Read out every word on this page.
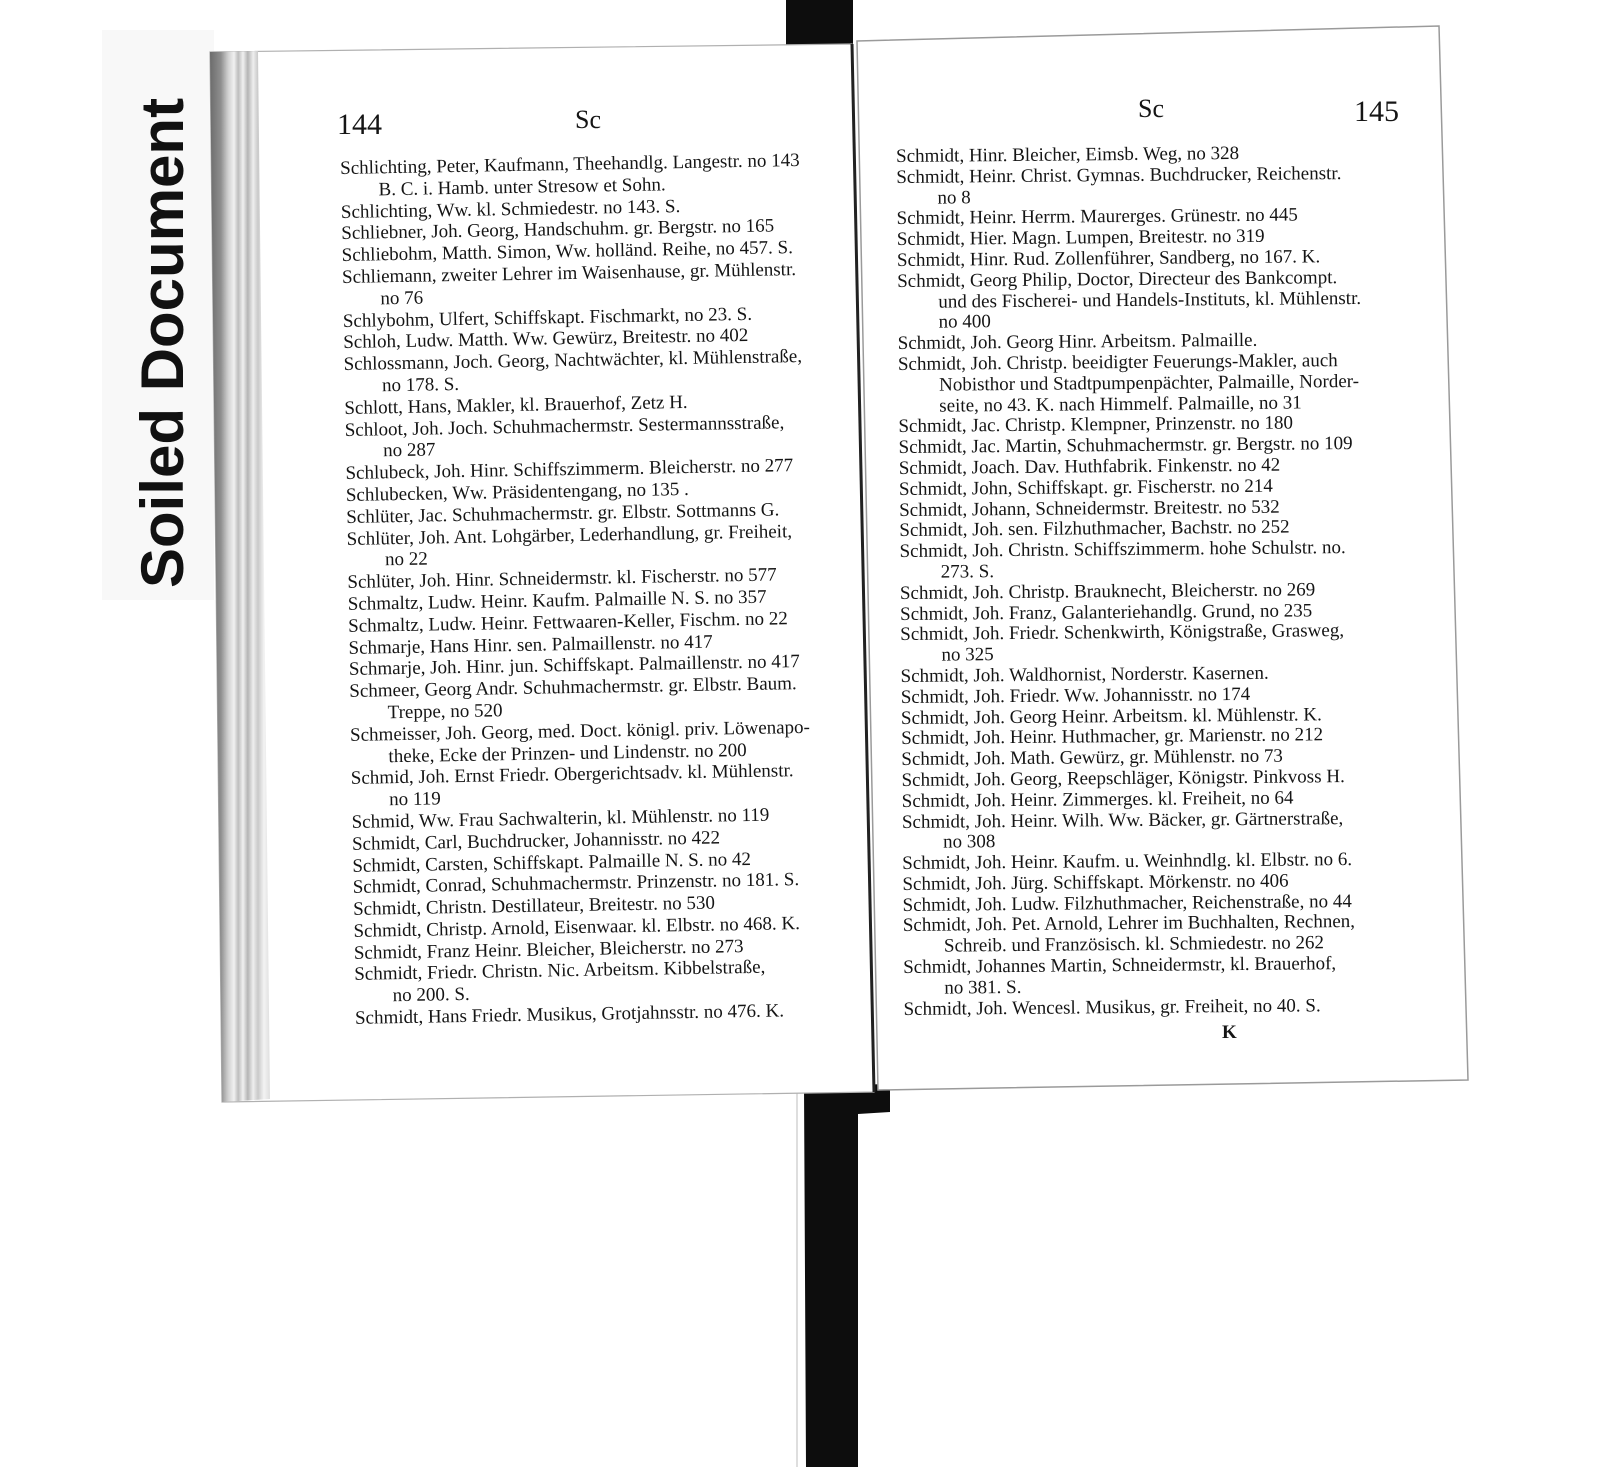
Soiled Document	144	Sc	Sc	145
Schlichting, Peter, Kaufmann, Theehandlg. Langestr. no 143
B. C. i. Hamb. unter Stresow et Sohn.
Schlichting, Ww. kl. Schmiedestr. no 143. S.
Schliebner, Joh. Georg, Handschuhm. gr. Bergstr. no 165
Schliebohm, Matth. Simon, Ww. holländ. Reihe, no 457. S.
Schliemann, zweiter Lehrer im Waisenhause, gr. Mühlenstr.
no 76
Schlybohm, Ulfert, Schiffskapt. Fischmarkt, no 23. S.
Schloh, Ludw. Matth. Ww. Gewürz, Breitestr. no 402
Schlossmann, Joch. Georg, Nachtwächter, kl. Mühlenstraße,
no 178. S.
Schlott, Hans, Makler, kl. Brauerhof, Zetz H.
Schloot, Joh. Joch. Schuhmachermstr. Sestermannsstraße,
no 287
Schlubeck, Joh. Hinr. Schiffszimmerm. Bleicherstr. no 277
Schlubecken, Ww. Präsidentengang, no 135 .
Schlüter, Jac. Schuhmachermstr. gr. Elbstr. Sottmanns G.
Schlüter, Joh. Ant. Lohgärber, Lederhandlung, gr. Freiheit,
no 22
Schlüter, Joh. Hinr. Schneidermstr. kl. Fischerstr. no 577
Schmaltz, Ludw. Heinr. Kaufm. Palmaille N. S. no 357
Schmaltz, Ludw. Heinr. Fettwaaren-Keller, Fischm. no 22
Schmarje, Hans Hinr. sen. Palmaillenstr. no 417
Schmarje, Joh. Hinr. jun. Schiffskapt. Palmaillenstr. no 417
Schmeer, Georg Andr. Schuhmachermstr. gr. Elbstr. Baum.
Treppe, no 520
Schmeisser, Joh. Georg, med. Doct. königl. priv. Löwenapo-
theke, Ecke der Prinzen- und Lindenstr. no 200
Schmid, Joh. Ernst Friedr. Obergerichtsadv. kl. Mühlenstr.
no 119
Schmid, Ww. Frau Sachwalterin, kl. Mühlenstr. no 119
Schmidt, Carl, Buchdrucker, Johannisstr. no 422
Schmidt, Carsten, Schiffskapt. Palmaille N. S. no 42
Schmidt, Conrad, Schuhmachermstr. Prinzenstr. no 181. S.
Schmidt, Christn. Destillateur, Breitestr. no 530
Schmidt, Christp. Arnold, Eisenwaar. kl. Elbstr. no 468. K.
Schmidt, Franz Heinr. Bleicher, Bleicherstr. no 273
Schmidt, Friedr. Christn. Nic. Arbeitsm. Kibbelstraße,
no 200. S.
Schmidt, Hans Friedr. Musikus, Grotjahnsstr. no 476. K.
Schmidt, Hinr. Bleicher, Eimsb. Weg, no 328
Schmidt, Heinr. Christ. Gymnas. Buchdrucker, Reichenstr.
no 8
Schmidt, Heinr. Herrm. Maurerges. Grünestr. no 445
Schmidt, Hier. Magn. Lumpen, Breitestr. no 319
Schmidt, Hinr. Rud. Zollenführer, Sandberg, no 167. K.
Schmidt, Georg Philip, Doctor, Directeur des Bankcompt.
und des Fischerei- und Handels-Instituts, kl. Mühlenstr.
no 400
Schmidt, Joh. Georg Hinr. Arbeitsm. Palmaille.
Schmidt, Joh. Christp. beeidigter Feuerungs-Makler, auch
Nobisthor und Stadtpumpenpächter, Palmaille, Norder-
seite, no 43. K. nach Himmelf. Palmaille, no 31
Schmidt, Jac. Christp. Klempner, Prinzenstr. no 180
Schmidt, Jac. Martin, Schuhmachermstr. gr. Bergstr. no 109
Schmidt, Joach. Dav. Huthfabrik. Finkenstr. no 42
Schmidt, John, Schiffskapt. gr. Fischerstr. no 214
Schmidt, Johann, Schneidermstr. Breitestr. no 532
Schmidt, Joh. sen. Filzhuthmacher, Bachstr. no 252
Schmidt, Joh. Christn. Schiffszimmerm. hohe Schulstr. no.
273. S.
Schmidt, Joh. Christp. Brauknecht, Bleicherstr. no 269
Schmidt, Joh. Franz, Galanteriehandlg. Grund, no 235
Schmidt, Joh. Friedr. Schenkwirth, Königstraße, Grasweg,
no 325
Schmidt, Joh. Waldhornist, Norderstr. Kasernen.
Schmidt, Joh. Friedr. Ww. Johannisstr. no 174
Schmidt, Joh. Georg Heinr. Arbeitsm. kl. Mühlenstr. K.
Schmidt, Joh. Heinr. Huthmacher, gr. Marienstr. no 212
Schmidt, Joh. Math. Gewürz, gr. Mühlenstr. no 73
Schmidt, Joh. Georg, Reepschläger, Königstr. Pinkvoss H.
Schmidt, Joh. Heinr. Zimmerges. kl. Freiheit, no 64
Schmidt, Joh. Heinr. Wilh. Ww. Bäcker, gr. Gärtnerstraße,
no 308
Schmidt, Joh. Heinr. Kaufm. u. Weinhndlg. kl. Elbstr. no 6.
Schmidt, Joh. Jürg. Schiffskapt. Mörkenstr. no 406
Schmidt, Joh. Ludw. Filzhuthmacher, Reichenstraße, no 44
Schmidt, Joh. Pet. Arnold, Lehrer im Buchhalten, Rechnen,
Schreib. und Französisch. kl. Schmiedestr. no 262
Schmidt, Johannes Martin, Schneidermstr, kl. Brauerhof,
no 381. S.
Schmidt, Joh. Wencesl. Musikus, gr. Freiheit, no 40. S.
K
